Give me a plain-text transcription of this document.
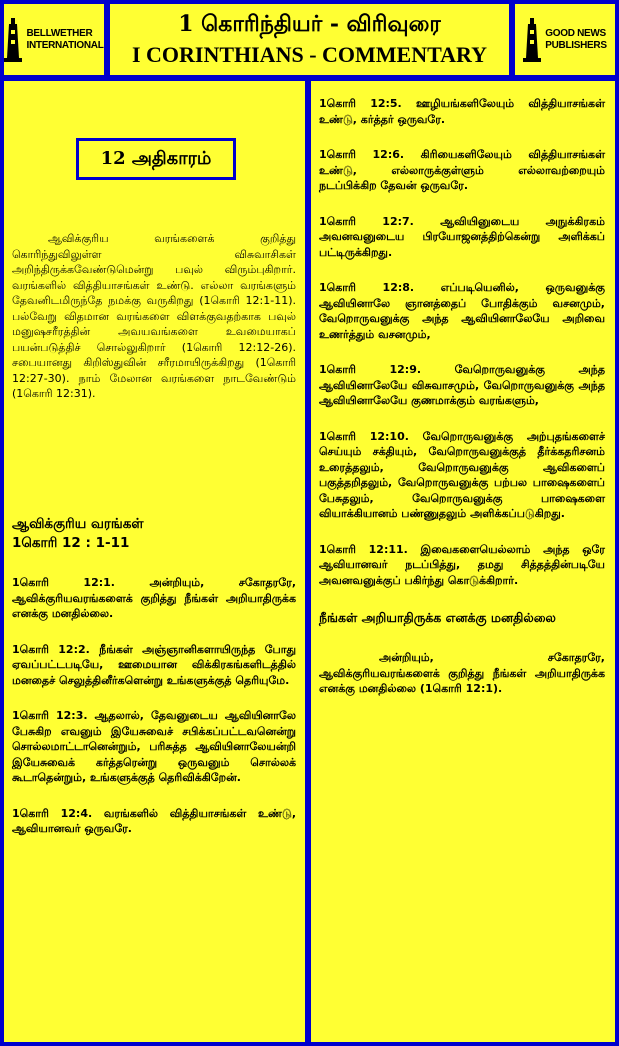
BELLWETHER
INTERNATIONAL
1 கொரிந்தியர் - விரிவுரை
I CORINTHIANS - COMMENTARY
GOOD NEWS
PUBLISHERS
12 அதிகாரம்
ஆவிக்குரிய வரங்களைக் குறித்து கொரிந்துவிலுள்ள விசுவாசிகள் அறிந்திருக்கவேண்டுமென்று பவுல் விரும்புகிறார். வரங்களில் வித்தியாசங்கள் உண்டு. எல்லா வரங்களும் தேவனிடமிருந்தே நமக்கு வருகிறது (1கொரி 12:1-11). பல்வேறு விதமான வரங்களை விளக்குவதற்காக பவுல் மனுஷசரீரத்தின் அவயவங்களை உவமையாகப் பயன்படுத்திச் சொல்லுகிறார் (1கொரி 12:12-26). சபையானது கிறிஸ்துவின் சரீரமாயிருக்கிறது (1கொரி 12:27-30). நாம் மேலான வரங்களை நாடவேண்டும் (1கொரி 12:31).
ஆவிக்குரிய வரங்கள்
1கொரி 12 : 1-11

1கொரி 12:1. அன்றியும், சகோதரரே, ஆவிக்குரியவரங்களைக் குறித்து நீங்கள் அறியாதிருக்க எனக்கு மனதில்லை.

1கொரி 12:2. நீங்கள் அஞ்ஞானிகளாயிருந்த போது ஏவப்பட்டபடியே, ஊமையான விக்கிரகங்களிடத்தில் மனதைச் செலுத்தினீர்களென்று உங்களுக்குத் தெரியுமே.

1கொரி 12:3. ஆதலால், தேவனுடைய ஆவியினாலே பேசுகிற எவனும் இயேசுவைச் சபிக்கப்பட்டவனென்று சொல்லமாட்டானென்றும், பரிசுத்த ஆவியினாலேயன்றி இயேசுவைக் கர்த்தரென்று ஒருவனும் சொல்லக் கூடாதென்றும், உங்களுக்குத் தெரிவிக்கிறேன்.

1கொரி 12:4. வரங்களில் வித்தியாசங்கள் உண்டு, ஆவியானவர் ஒருவரே.

1கொரி 12:5. ஊழியங்களிலேயும் வித்தியாசங்கள் உண்டு, கர்த்தர் ஒருவரே.

1கொரி 12:6. கிரியைகளிலேயும் வித்தியாசங்கள் உண்டு, எல்லாருக்குள்ளும் எல்லாவற்றையும் நடப்பிக்கிற தேவன் ஒருவரே.

1கொரி 12:7. ஆவியினுடைய அநுக்கிரகம் அவனவனுடைய பிரயோஜனத்திற்கென்று அளிக்கப் பட்டிருக்கிறது.

1கொரி 12:8. எப்படியெனில், ஒருவனுக்கு ஆவியினாலே ஞானத்தைப் போதிக்கும் வசனமும், வேறொருவனுக்கு அந்த ஆவியினாலேயே அறிவை உணர்த்தும் வசனமும்,

1கொரி 12:9. வேறொருவனுக்கு அந்த ஆவியினாலேயே விசுவாசமும், வேறொருவனுக்கு அந்த ஆவியினாலேயே குணமாக்கும் வரங்களும்,

1கொரி 12:10. வேறொருவனுக்கு அற்புதங்களைச் செய்யும் சக்தியும், வேறொருவனுக்குத் தீர்க்கதரிசனம் உரைத்தலும், வேறொருவனுக்கு ஆவிகளைப் பகுத்தறிதலும், வேறொருவனுக்கு பற்பல பாஷைகளைப் பேசுதலும், வேறொருவனுக்கு பாஷைகளை வியாக்கியானம் பண்ணுதலும் அளிக்கப்படுகிறது.

1கொரி 12:11. இவைகளையெல்லாம் அந்த ஒரே ஆவியானவர் நடப்பித்து, தமது சித்தத்தின்படியே அவனவனுக்குப் பகிர்ந்து கொடுக்கிறார்.

நீங்கள் அறியாதிருக்க எனக்கு மனதில்லை

அன்றியும், சகோதரரே, ஆவிக்குரியவரங்களைக் குறித்து நீங்கள் அறியாதிருக்க எனக்கு மனதில்லை (1கொரி 12:1).
